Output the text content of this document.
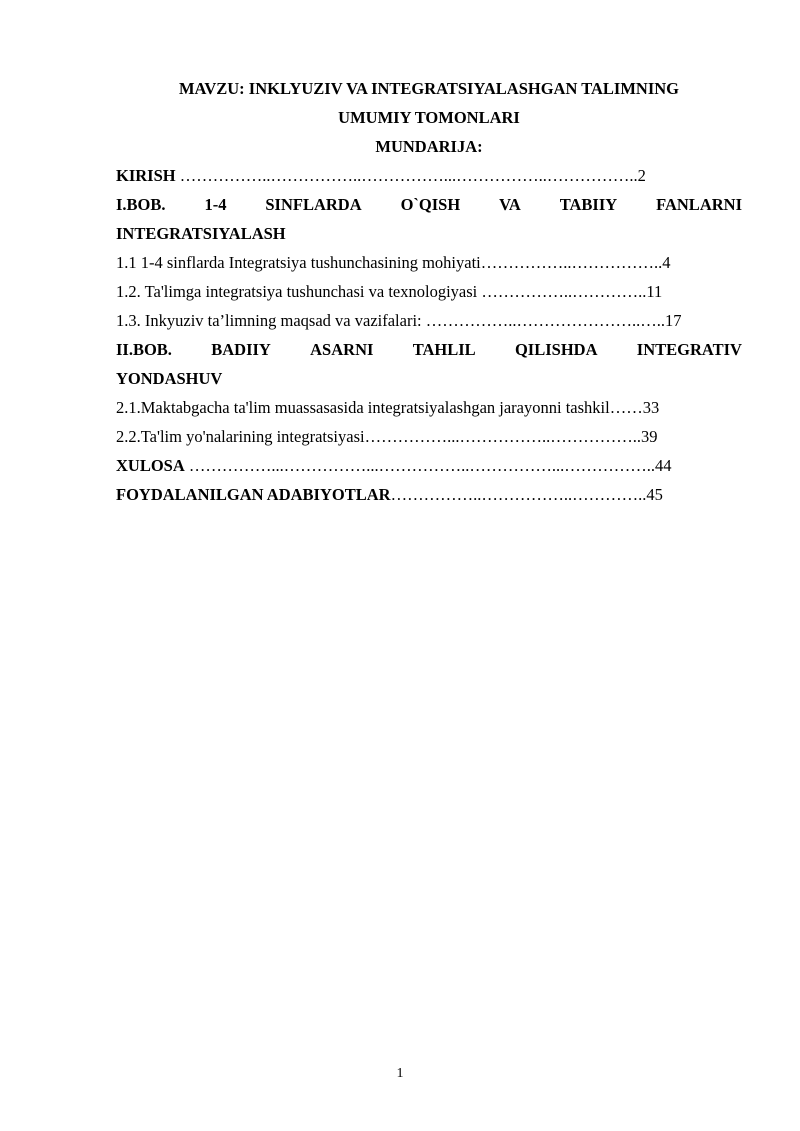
MAVZU: INKLYUZIV VA INTEGRATSIYALASHGAN TALIMNING
UMUMIY TOMONLARI
MUNDARIJA:
KIRISH ……………..……………..……………...……………..……………..2
I.BOB. 1-4 SINFLARDA O`QISH VA TABIIY FANLARNI
INTEGRATSIYALASH
1.1 1-4 sinflarda Integratsiya tushunchasining mohiyati……………..……………..4
1.2. Ta'limga integratsiya tushunchasi va texnologiyasi ……………..…………..11
1.3. Inkyuziv ta’limning maqsad va vazifalari: ……………..…………………..…..17
II.BOB. BADIIY ASARNI TAHLIL QILISHDA INTEGRATIV
YONDASHUV
2.1.Maktabgacha ta'lim muassasasida integratsiyalashgan jarayonni tashkil……33
2.2.Ta'lim yo'nalarining integratsiyasi……………...……………..……………..39
XULOSA ……………...……………...……………..……………...……………..44
FOYDALANILGAN ADABIYOTLAR……………..……………..…………..45
1
